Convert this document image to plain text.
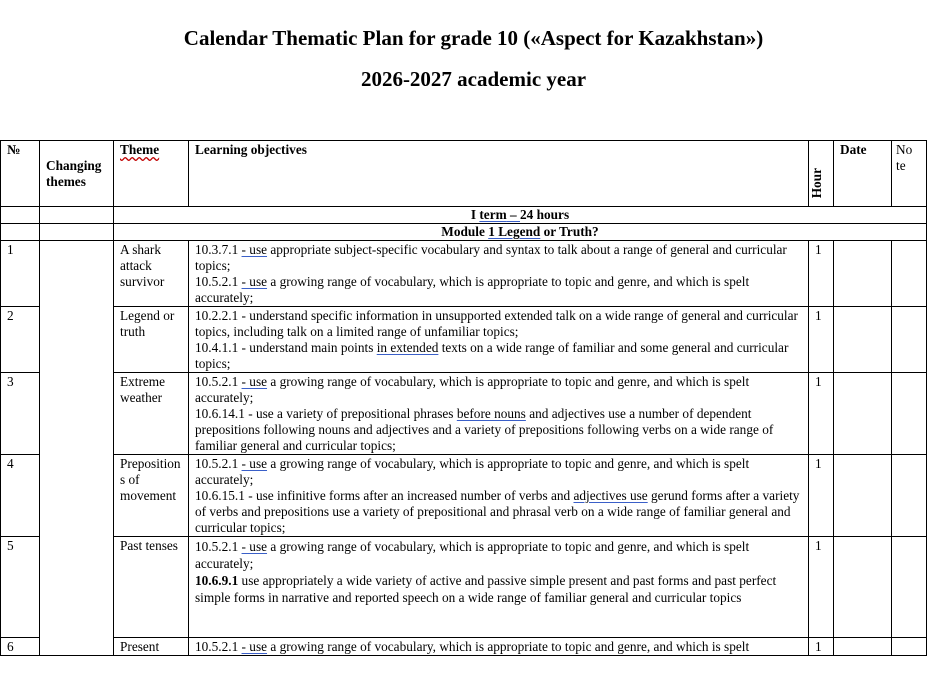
Calendar Thematic Plan for grade 10 («Aspect for Kazakhstan»)
2026-2027 academic year
№	Changing themes	Theme	Learning objectives	Hour	Date	No te
		I term – 24 hours				
		Module 1 Legend or Truth?				
1		A shark attack survivor	10.3.7.1 - use appropriate subject-specific vocabulary and syntax to talk about a range of general and curricular topics;
10.5.2.1 - use a growing range of vocabulary, which is appropriate to topic and genre, and which is spelt accurately;	1		
2		Legend or truth	10.2.2.1 - understand specific information in unsupported extended talk on a wide range of general and curricular topics, including talk on a limited range of unfamiliar topics;
10.4.1.1 - understand main points in extended texts on a wide range of familiar and some general and curricular topics;	1		
3		Extreme weather	10.5.2.1 - use a growing range of vocabulary, which is appropriate to topic and genre, and which is spelt accurately;
10.6.14.1 - use a variety of prepositional phrases before nouns and adjectives use a number of dependent prepositions following nouns and adjectives and a variety of prepositions following verbs on a wide range of familiar general and curricular topics;	1		
4		Prepositions of movement	10.5.2.1 - use a growing range of vocabulary, which is appropriate to topic and genre, and which is spelt accurately;
10.6.15.1 - use infinitive forms after an increased number of verbs and adjectives use gerund forms after a variety of verbs and prepositions use a variety of prepositional and phrasal verb on a wide range of familiar general and curricular topics;	1		
5		Past tenses	10.5.2.1 - use a growing range of vocabulary, which is appropriate to topic and genre, and which is spelt accurately;
10.6.9.1 use appropriately a wide variety of active and passive simple present and past forms and past perfect simple forms in narrative and reported speech on a wide range of familiar general and curricular topics	1		
6		Present	10.5.2.1 - use a growing range of vocabulary, which is appropriate to topic and genre, and which is spelt	1		
